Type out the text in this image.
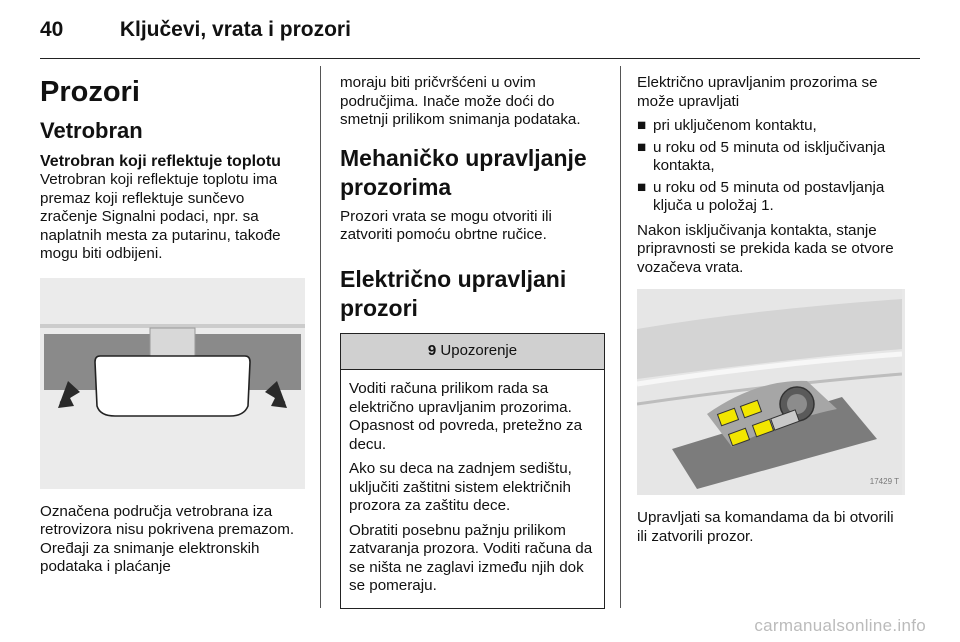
40	Ključevi, vrata i prozori
Prozori
Vetrobran
Vetrobran koji reflektuje toplotu

Vetrobran koji reflektuje toplotu ima premaz koji reflektuje sunčevo zračenje Signalni podaci, npr. sa naplatnih mesta za putarinu, takođe mogu biti odbijeni.

Označena područja vetrobrana iza retrovizora nisu pokrivena premazom. Ored̄aji za snimanje elektronskih podataka i plaćanje

moraju biti pričvršćeni u ovim područjima. Inače može doći do smetnji prilikom snimanja podataka.

Mehaničko upravljanje prozorima

Prozori vrata se mogu otvoriti ili zatvoriti pomoću obrtne ručice.

Električno upravljani prozori
9 Upozorenje

Voditi računa prilikom rada sa električno upravljanim prozorima. Opasnost od povreda, pretežno za decu.

Ako su deca na zadnjem sedištu, uključiti zaštitni sistem električnih prozora za zaštitu dece.

Obratiti posebnu pažnju prilikom zatvaranja prozora. Voditi računa da se ništa ne zaglavi između njih dok se pomeraju.

Električno upravljanim prozorima se može upravljati

■ pri uključenom kontaktu,
■ u roku od 5 minuta od isključivanja kontakta,
■ u roku od 5 minuta od postavljanja ključa u položaj 1.

Nakon isključivanja kontakta, stanje pripravnosti se prekida kada se otvore vozačeva vrata.

17429 T

Upravljati sa komandama da bi otvorili ili zatvorili prozor.

carmanualsonline.info
